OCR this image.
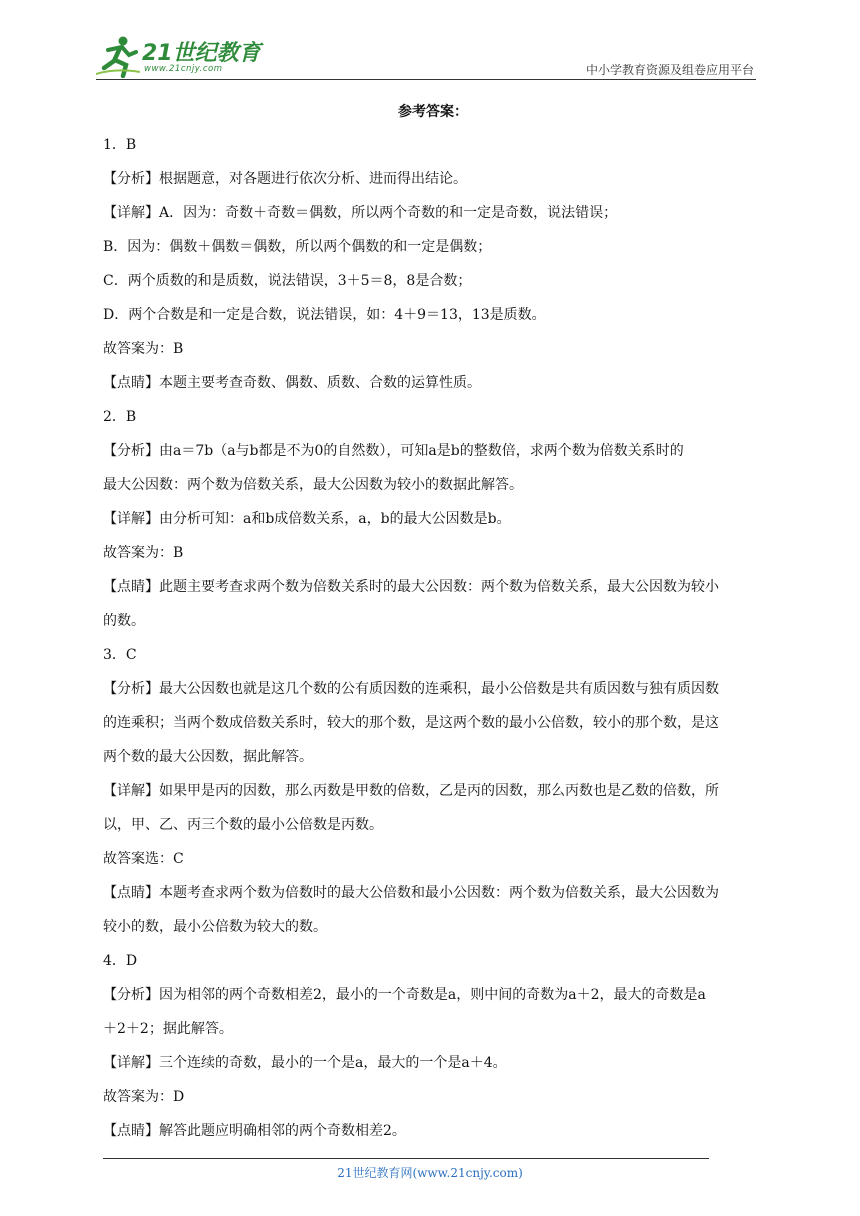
21世纪教育
www.21cnjy.com	中小学教育资源及组卷应用平台
参考答案：
1．B
【分析】根据题意，对各题进行依次分析、进而得出结论。
【详解】A．因为：奇数＋奇数＝偶数，所以两个奇数的和一定是奇数，说法错误；
B．因为：偶数＋偶数＝偶数，所以两个偶数的和一定是偶数；
C．两个质数的和是质数，说法错误，3＋5＝8，8是合数；
D．两个合数是和一定是合数，说法错误，如：4＋9＝13，13是质数。
故答案为：B
【点睛】本题主要考查奇数、偶数、质数、合数的运算性质。
2．B
【分析】由a＝7b（a与b都是不为0的自然数），可知a是b的整数倍，求两个数为倍数关系时的
最大公因数：两个数为倍数关系，最大公因数为较小的数据此解答。
【详解】由分析可知：a和b成倍数关系，a，b的最大公因数是b。
故答案为：B
【点睛】此题主要考查求两个数为倍数关系时的最大公因数：两个数为倍数关系，最大公因数为较小
的数。
3．C
【分析】最大公因数也就是这几个数的公有质因数的连乘积，最小公倍数是共有质因数与独有质因数
的连乘积；当两个数成倍数关系时，较大的那个数，是这两个数的最小公倍数，较小的那个数，是这
两个数的最大公因数，据此解答。
【详解】如果甲是丙的因数，那么丙数是甲数的倍数，乙是丙的因数，那么丙数也是乙数的倍数，所
以，甲、乙、丙三个数的最小公倍数是丙数。
故答案选：C
【点睛】本题考查求两个数为倍数时的最大公倍数和最小公因数：两个数为倍数关系，最大公因数为
较小的数，最小公倍数为较大的数。
4．D
【分析】因为相邻的两个奇数相差2，最小的一个奇数是a，则中间的奇数为a＋2，最大的奇数是a
＋2＋2；据此解答。
【详解】三个连续的奇数，最小的一个是a，最大的一个是a＋4。
故答案为：D
【点睛】解答此题应明确相邻的两个奇数相差2。
21世纪教育网(www.21cnjy.com)
